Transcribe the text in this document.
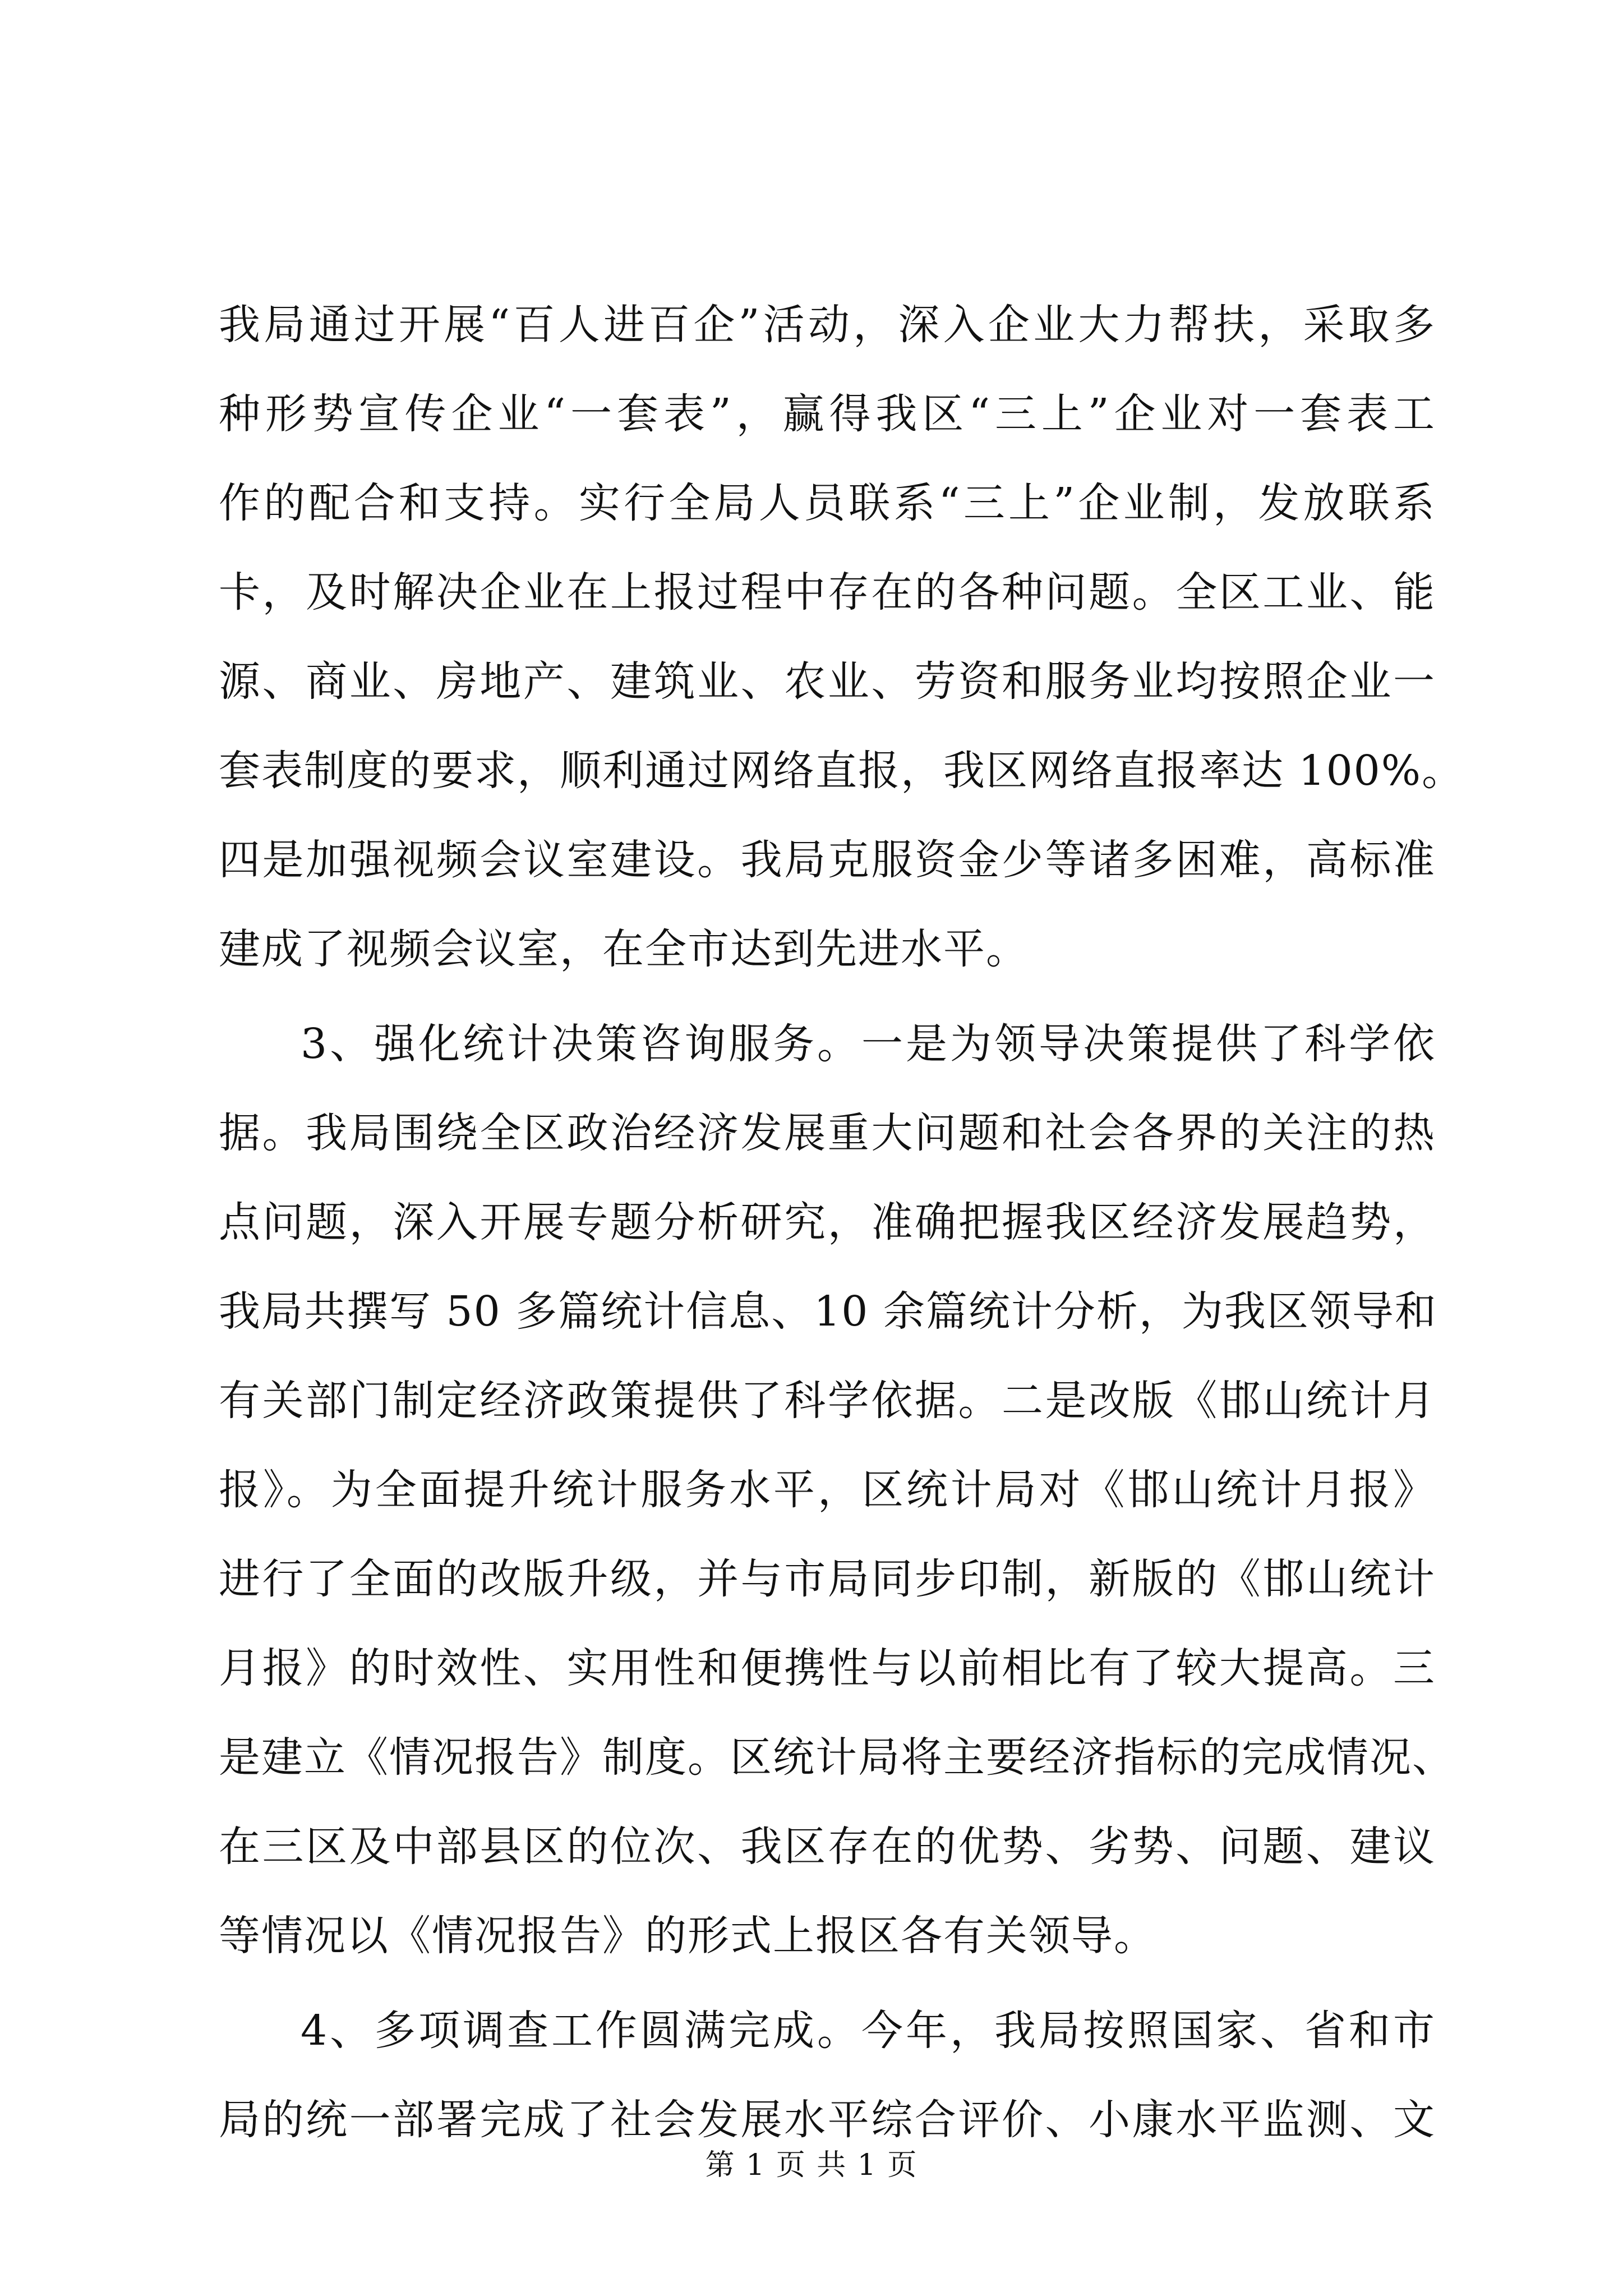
我局通过开展“百人进百企”活动，深入企业大力帮扶，采取多
种形势宣传企业“一套表”，赢得我区“三上”企业对一套表工
作的配合和支持。实行全局人员联系“三上”企业制，发放联系
卡，及时解决企业在上报过程中存在的各种问题。全区工业、能
源、商业、房地产、建筑业、农业、劳资和服务业均按照企业一
套表制度的要求，顺利通过网络直报，我区网络直报率达 100%。
四是加强视频会议室建设。我局克服资金少等诸多困难，高标准
建成了视频会议室，在全市达到先进水平。
3、强化统计决策咨询服务。一是为领导决策提供了科学依
据。我局围绕全区政治经济发展重大问题和社会各界的关注的热
点问题，深入开展专题分析研究，准确把握我区经济发展趋势，
我局共撰写 50 多篇统计信息、10 余篇统计分析，为我区领导和
有关部门制定经济政策提供了科学依据。二是改版《邯山统计月
报》。为全面提升统计服务水平，区统计局对《邯山统计月报》
进行了全面的改版升级，并与市局同步印制，新版的《邯山统计
月报》的时效性、实用性和便携性与以前相比有了较大提高。三
是建立《情况报告》制度。区统计局将主要经济指标的完成情况、
在三区及中部县区的位次、我区存在的优势、劣势、问题、建议
等情况以《情况报告》的形式上报区各有关领导。
4、多项调查工作圆满完成。今年，我局按照国家、省和市
局的统一部署完成了社会发展水平综合评价、小康水平监测、文
第 1 页 共 1 页
